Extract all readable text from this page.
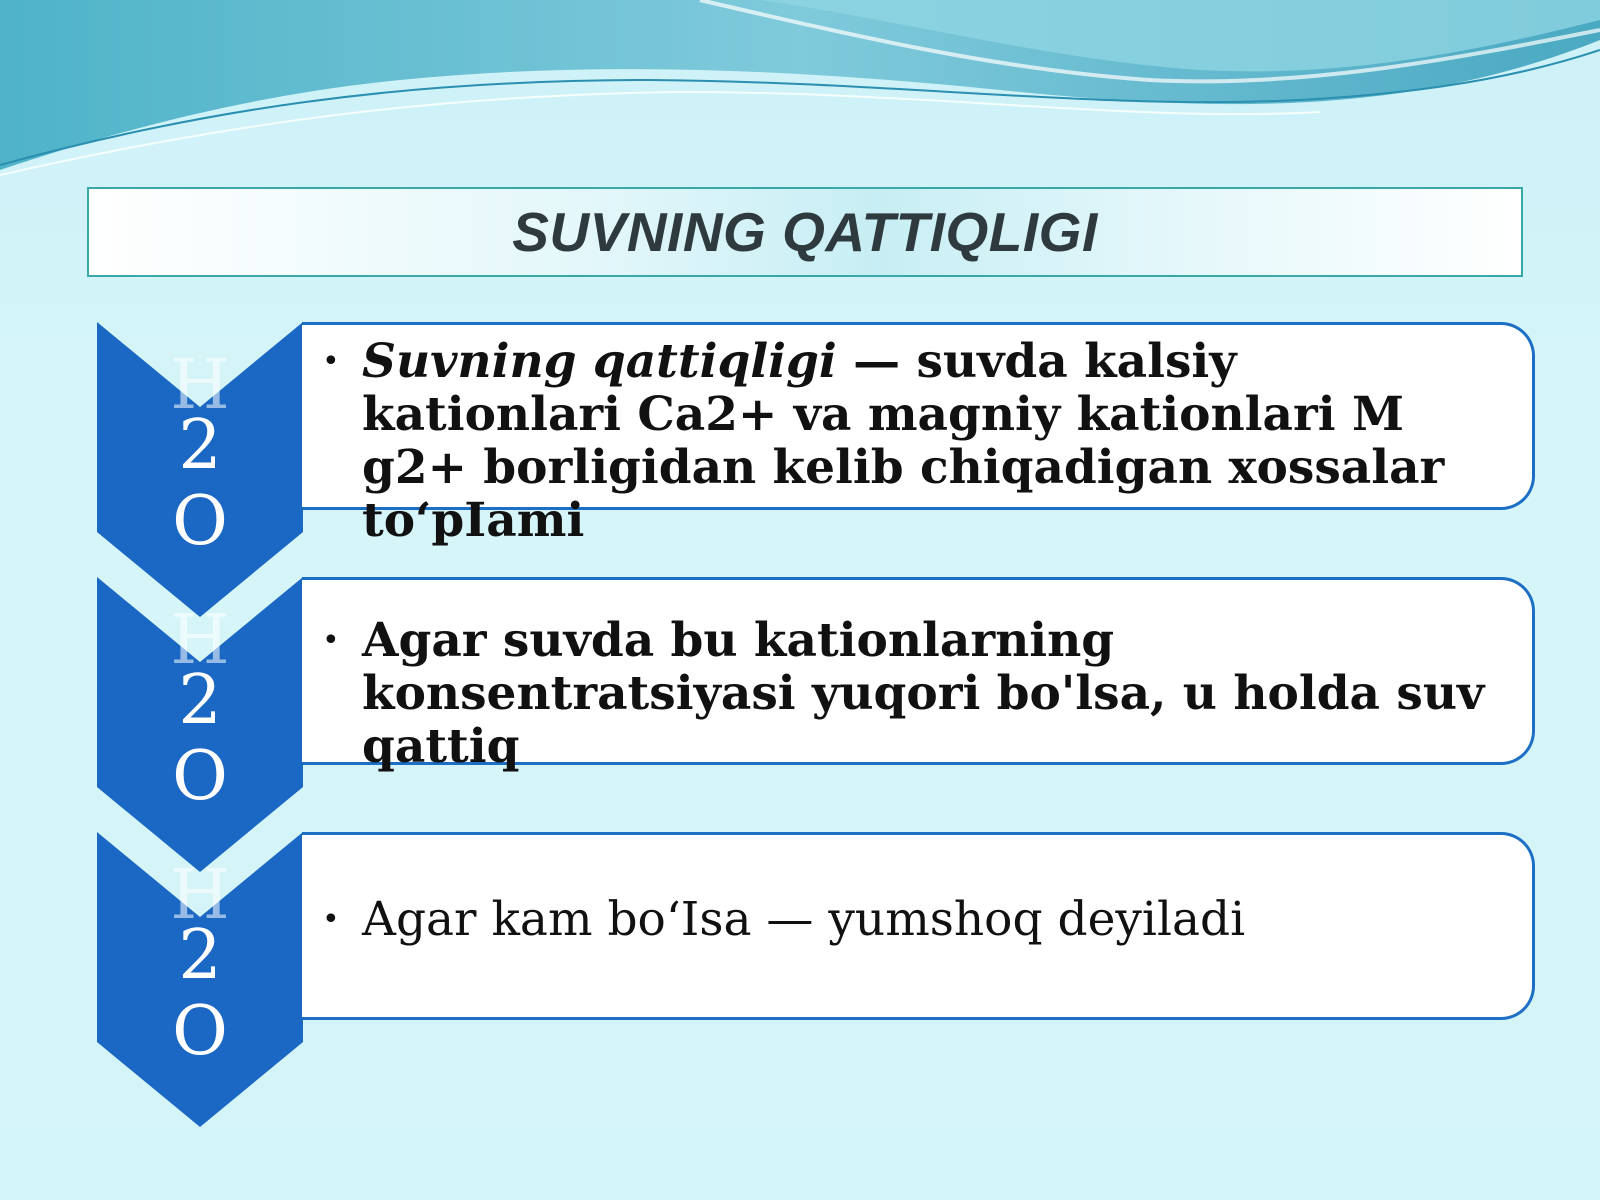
SUVNING QATTIQLIGI
H
2
O
• Suvning qattiqligi — suvda kalsiy kationlari Ca2+ va magniy kationlari M g2+ borligidan kelib chiqadigan xossalar to‘pIami
H
2
O
• Agar suvda bu kationlarning konsentratsiyasi yuqori bo'lsa, u holda suv qattiq
H
2
O
• Agar kam bo‘Isa — yumshoq deyiladi
